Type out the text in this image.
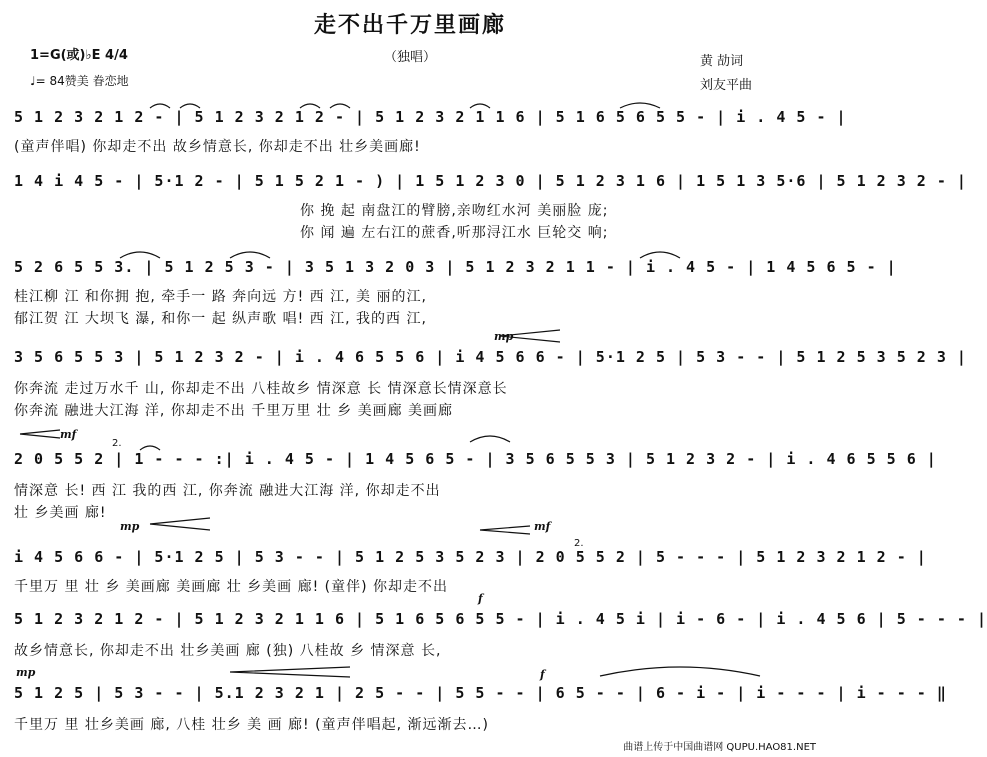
走不出千万里画廊
（独唱）
1=G(或)♭E 4/4
♩= 84赞美 眷恋地
黄 劼词
刘友平曲
5 1 2 3 2 1 2 - | 5 1 2 3 2 1 2 - | 5 1 2 3 2 1 1 6 | 5 1 6 5 6 5 5 - | i . 4 5 - |
(童声伴唱) 你却走不出 故乡情意长, 你却走不出 壮乡美画廊!
1 4 i 4 5 - | 5·1 2 - | 5 1 5 2 1 - ) | 1 5 1 2 3 0 | 5 1 2 3 1 6 | 1 5 1 3 5·6 | 5 1 2 3 2 - |
你 挽 起 南盘江的臂膀,亲吻红水河 美丽脸 庞;
你 闻 遍 左右江的蔗香,听那浔江水 巨轮交 响;
5 2 6 5 5 3. | 5 1 2 5 3 - | 3 5 1 3 2 0 3 | 5 1 2 3 2 1 1 - | i . 4 5 - | 1 4 5 6 5 - |
桂江柳 江 和你拥 抱, 牵手一 路 奔向远 方! 西 江, 美 丽的江,
郁江贺 江 大坝飞 瀑, 和你一 起 纵声歌 唱! 西 江, 我的西 江,
mp
3 5 6 5 5 3 | 5 1 2 3 2 - | i . 4 6 5 5 6 | i 4 5 6 6 - | 5·1 2 5 | 5 3 - - | 5 1 2 5 3 5 2 3 |
你奔流 走过万水千 山, 你却走不出 八桂故乡 情深意 长 情深意长情深意长
你奔流 融进大江海 洋, 你却走不出 千里万里 壮 乡 美画廊 美画廊
mf
2.
2 0 5 5 2 | 1 - - - :| i . 4 5 - | 1 4 5 6 5 - | 3 5 6 5 5 3 | 5 1 2 3 2 - | i . 4 6 5 5 6 |
情深意 长! 西 江 我的西 江, 你奔流 融进大江海 洋, 你却走不出
壮 乡美画 廊!
mp	mf
2.
i 4 5 6 6 - | 5·1 2 5 | 5 3 - - | 5 1 2 5 3 5 2 3 | 2 0 5 5 2 | 5 - - - | 5 1 2 3 2 1 2 - |
千里万 里 壮 乡 美画廊 美画廊 壮 乡美画 廊! (童伴) 你却走不出
f
5 1 2 3 2 1 2 - | 5 1 2 3 2 1 1 6 | 5 1 6 5 6 5 5 - | i . 4 5 i | i - 6 - | i . 4 5 6 | 5 - - - |
故乡情意长, 你却走不出 壮乡美画 廊 (独) 八桂故 乡 情深意 长,
mp	f
5 1 2 5 | 5 3 - - | 5.1 2 3 2 1 | 2 5 - - | 5 5 - - | 6 5 - - | 6 - i - | i - - - | i - - - ‖
千里万 里 壮乡美画 廊, 八桂 壮乡 美 画 廊! (童声伴唱起, 渐远渐去…)
曲谱上传于中国曲谱网 QUPU.HAO81.NET
